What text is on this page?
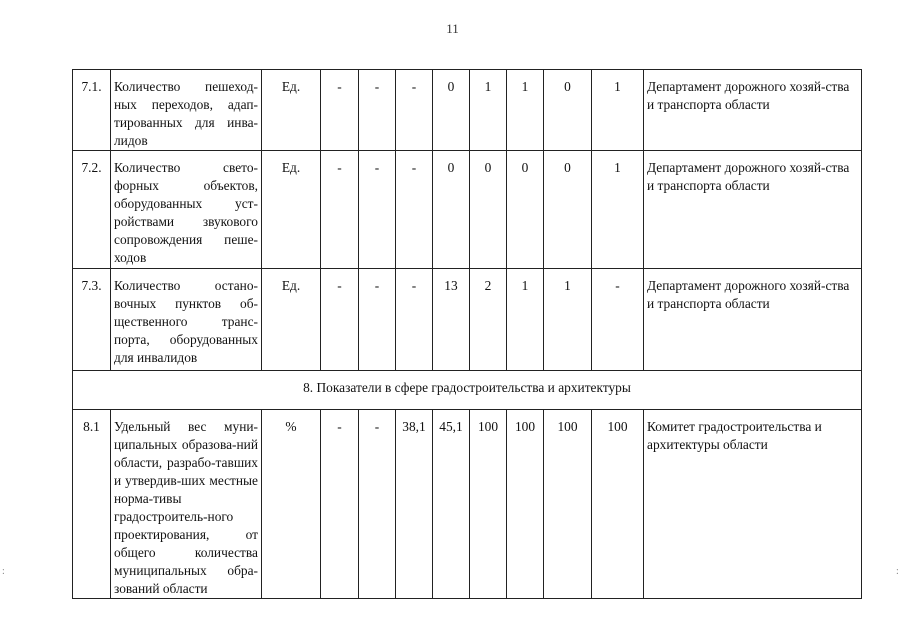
11
:	:
7.1.	Количество пешеход-ных переходов, адап-тированных для инва-лидов	Ед.	-	-	-	0	1	1	0	1	Департамент дорожного хозяй-ства и транспорта области
7.2.	Количество свето-форных объектов, оборудованных уст-ройствами звукового сопровождения пеше-ходов	Ед.	-	-	-	0	0	0	0	1	Департамент дорожного хозяй-ства и транспорта области
7.3.	Количество остано-вочных пунктов об-щественного транс-порта, оборудованных для инвалидов	Ед.	-	-	-	13	2	1	1	-	Департамент дорожного хозяй-ства и транспорта области
8. Показатели в сфере градостроительства и архитектуры											
8.1	Удельный вес муни-ципальных образова-ний области, разрабо-тавших и утвердив-ших местные норма-тивы градостроитель-ного проектирования, от общего количества муниципальных обра-зований области	%	-	-	38,1	45,1	100	100	100	100	Комитет градостроительства и архитектуры области
